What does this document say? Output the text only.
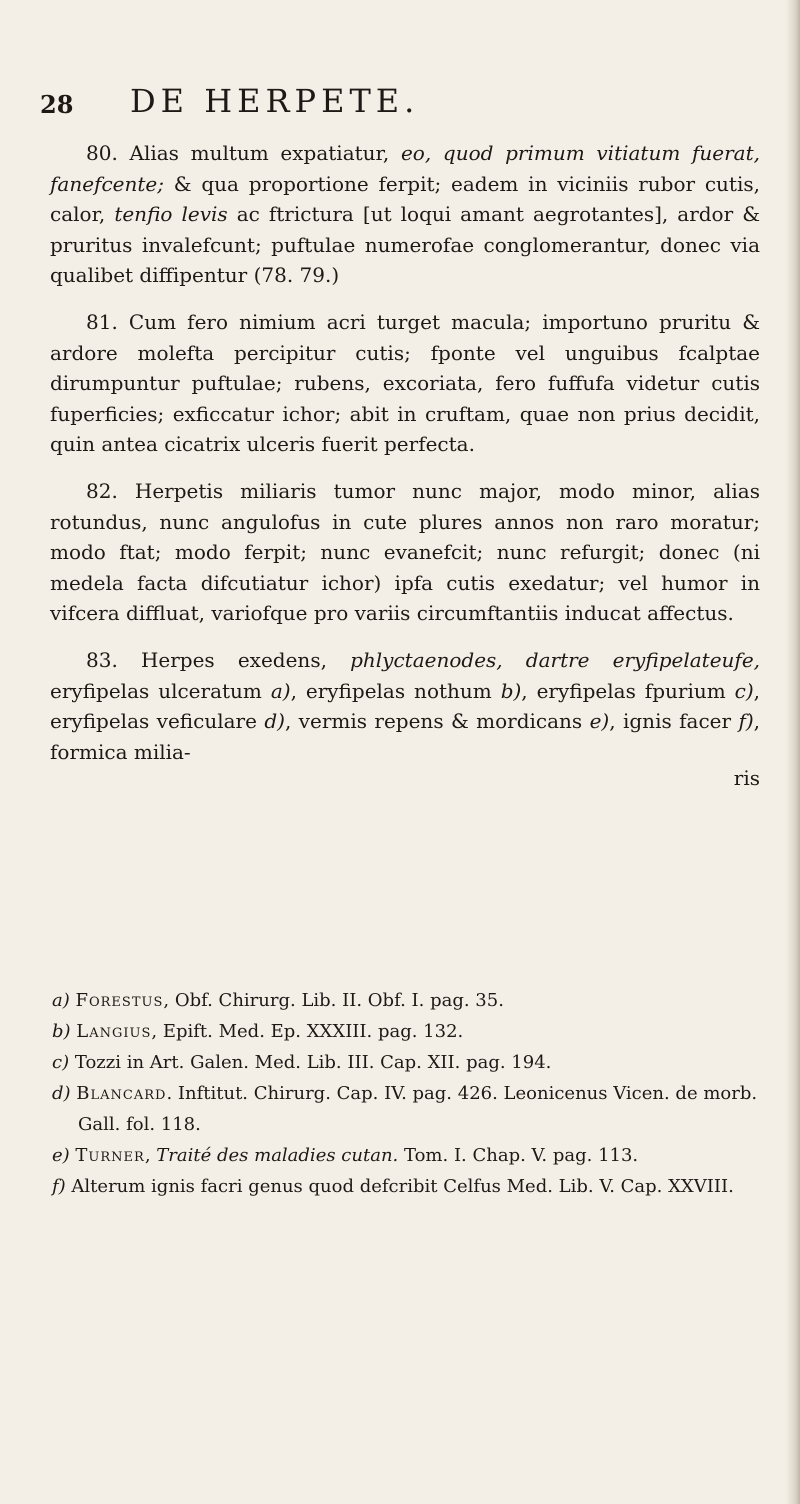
28 DE HERPETE.

80. Alias multum expatiatur, eo, quod primum vitiatum fuerat, fanefcente; & qua proportione ferpit; eadem in viciniis rubor cutis, calor, tenfio levis ac ftrictura [ut loqui amant aegrotantes], ardor & pruritus invalefcunt; puftulae numerofae conglomerantur, donec via qualibet diffipentur (78. 79.)

81. Cum fero nimium acri turget macula; importuno pruritu & ardore molefta percipitur cutis; fponte vel unguibus fcalptae dirumpuntur puftulae; rubens, excoriata, fero fuffufa videtur cutis fuperficies; exficcatur ichor; abit in cruftam, quae non prius decidit, quin antea cicatrix ulceris fuerit perfecta.

82. Herpetis miliaris tumor nunc major, modo minor, alias rotundus, nunc angulofus in cute plures annos non raro moratur; modo ftat; modo ferpit; nunc evanefcit; nunc refurgit; donec (ni medela facta difcutiatur ichor) ipfa cutis exedatur; vel humor in vifcera diffluat, variofque pro variis circumftantiis inducat affectus.

83. Herpes exedens, phlyctaenodes, dartre eryfipelateufe, eryfipelas ulceratum a), eryfipelas nothum b), eryfipelas fpurium c), eryfipelas veficulare d), vermis repens & mordicans e), ignis facer f), formica milia-
ris

a) Forestus, Obf. Chirurg. Lib. II. Obf. I. pag. 35.

b) Langius, Epift. Med. Ep. XXXIII. pag. 132.

c) Tozzi in Art. Galen. Med. Lib. III. Cap. XII. pag. 194.

d) Blancard. Inftitut. Chirurg. Cap. IV. pag. 426. Leonicenus Vicen. de morb. Gall. fol. 118.

e) Turner, Traité des maladies cutan. Tom. I. Chap. V. pag. 113.

f) Alterum ignis facri genus quod defcribit Celfus Med. Lib. V. Cap. XXVIII.
